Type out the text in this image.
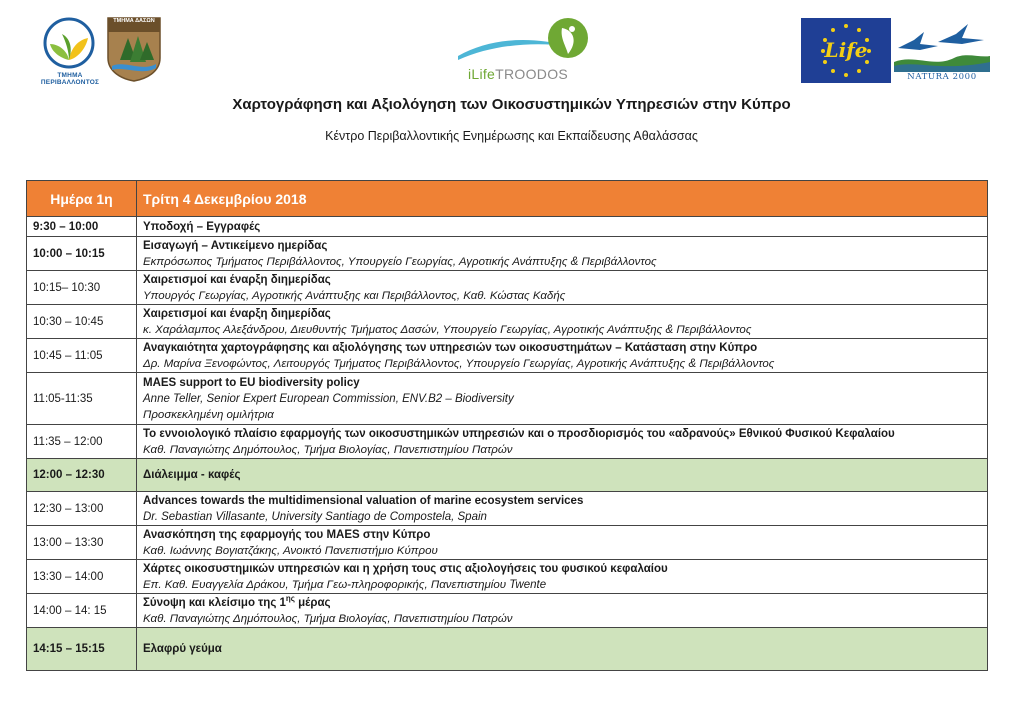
ΤΜΗΜΑ ΠΕΡΙΒΑΛΛΟΝΤΟΣ
ΤΜΗΜΑ ΔΑΣΩΝ
iLifeTROODOS
Life
NATURA 2000
Χαρτογράφηση και Αξιολόγηση των Οικοσυστημικών Υπηρεσιών στην Κύπρο
Κέντρο Περιβαλλοντικής Ενημέρωσης και Εκπαίδευσης Αθαλάσσας
Ημέρα 1η	Τρίτη 4 Δεκεμβρίου 2018
9:30 – 10:00	Υποδοχή – Εγγραφές

10:00 – 10:15	Εισαγωγή – Αντικείμενο ημερίδας
Εκπρόσωπος Τμήματος Περιβάλλοντος, Υπουργείο Γεωργίας, Αγροτικής Ανάπτυξης & Περιβάλλοντος

10:15– 10:30	Χαιρετισμοί και έναρξη διημερίδας
Υπουργός Γεωργίας, Αγροτικής Ανάπτυξης και Περιβάλλοντος, Καθ. Κώστας Καδής

10:30 – 10:45	Χαιρετισμοί και έναρξη διημερίδας
κ. Χαράλαμπος Αλεξάνδρου, Διευθυντής Τμήματος Δασών, Υπουργείο Γεωργίας, Αγροτικής Ανάπτυξης & Περιβάλλοντος

10:45 – 11:05	Αναγκαιότητα χαρτογράφησης και αξιολόγησης των υπηρεσιών των οικοσυστημάτων – Κατάσταση στην Κύπρο
Δρ. Μαρίνα Ξενοφώντος, Λειτουργός Τμήματος Περιβάλλοντος, Υπουργείο Γεωργίας, Αγροτικής Ανάπτυξης & Περιβάλλοντος

11:05-11:35	MAES support to EU biodiversity policy
Anne Teller, Senior Expert European Commission, ENV.B2 – Biodiversity
Προσκεκλημένη ομιλήτρια

11:35 – 12:00	Το εννοιολογικό πλαίσιο εφαρμογής των οικοσυστημικών υπηρεσιών και ο προσδιορισμός του «αδρανούς» Εθνικού Φυσικού Κεφαλαίου
Καθ. Παναγιώτης Δημόπουλος, Τμήμα Βιολογίας, Πανεπιστημίου Πατρών

12:00 – 12:30	Διάλειμμα - καφές

12:30 – 13:00	Advances towards the multidimensional valuation of marine ecosystem services
Dr. Sebastian Villasante, University Santiago de Compostela, Spain

13:00 – 13:30	Ανασκόπηση της εφαρμογής του MAES στην Κύπρο
Καθ. Ιωάννης Βογιατζάκης, Ανοικτό Πανεπιστήμιο Κύπρου

13:30 – 14:00	Χάρτες οικοσυστημικών υπηρεσιών και η χρήση τους στις αξιολογήσεις του φυσικού κεφαλαίου
Επ. Καθ. Ευαγγελία Δράκου, Τμήμα Γεω-πληροφορικής, Πανεπιστημίου Twente

14:00 – 14: 15	Σύνοψη και κλείσιμο της $1^{\eta\varsigma}$ μέρας
Καθ. Παναγιώτης Δημόπουλος, Τμήμα Βιολογίας, Πανεπιστημίου Πατρών

14:15 – 15:15	Ελαφρύ γεύμα
